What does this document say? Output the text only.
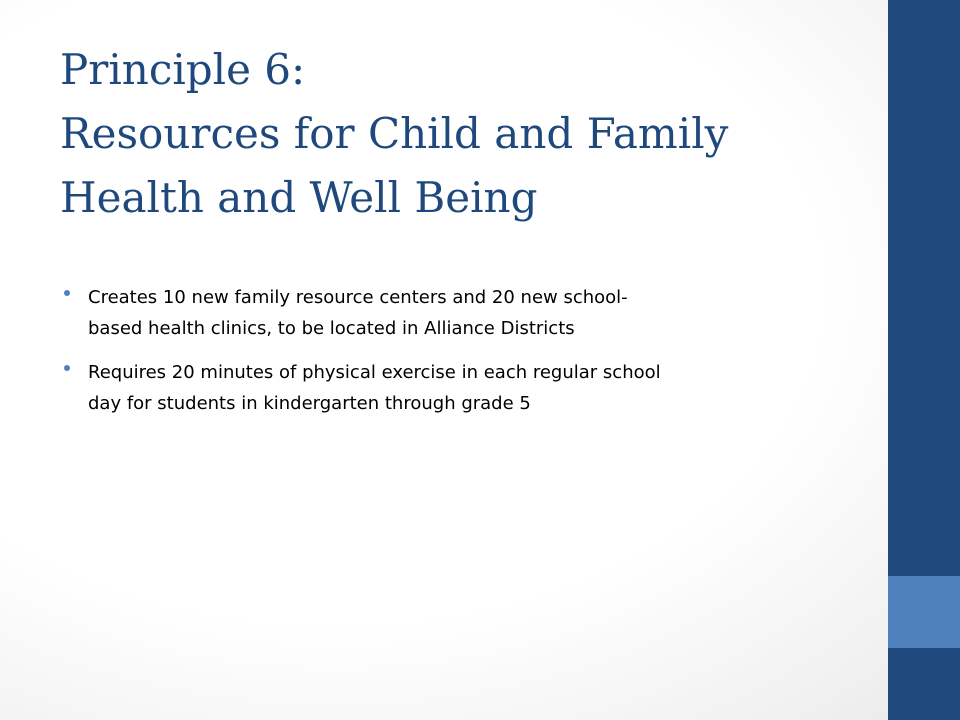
Principle 6:
Resources for Child and Family
Health and Well Being
Creates 10 new family resource centers and 20 new school-
based health clinics, to be located in Alliance Districts
Requires 20 minutes of physical exercise in each regular school
day for students in kindergarten through grade 5
